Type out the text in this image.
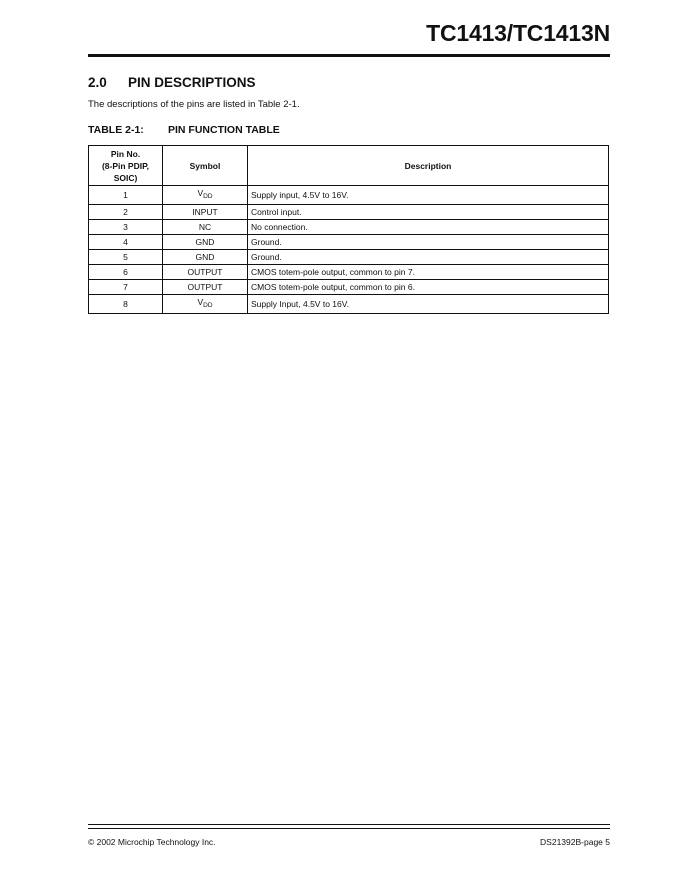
TC1413/TC1413N
2.0 PIN DESCRIPTIONS
The descriptions of the pins are listed in Table 2-1.
TABLE 2-1: PIN FUNCTION TABLE
Pin No.
(8-Pin PDIP,
SOIC)	Symbol	Description
1	$V_{DD}$	Supply input, 4.5V to 16V.
2	INPUT	Control input.
3	NC	No connection.
4	GND	Ground.
5	GND	Ground.
6	OUTPUT	CMOS totem-pole output, common to pin 7.
7	OUTPUT	CMOS totem-pole output, common to pin 6.
8	$V_{DD}$	Supply Input, 4.5V to 16V.
© 2002 Microchip Technology Inc.	DS21392B-page 5
